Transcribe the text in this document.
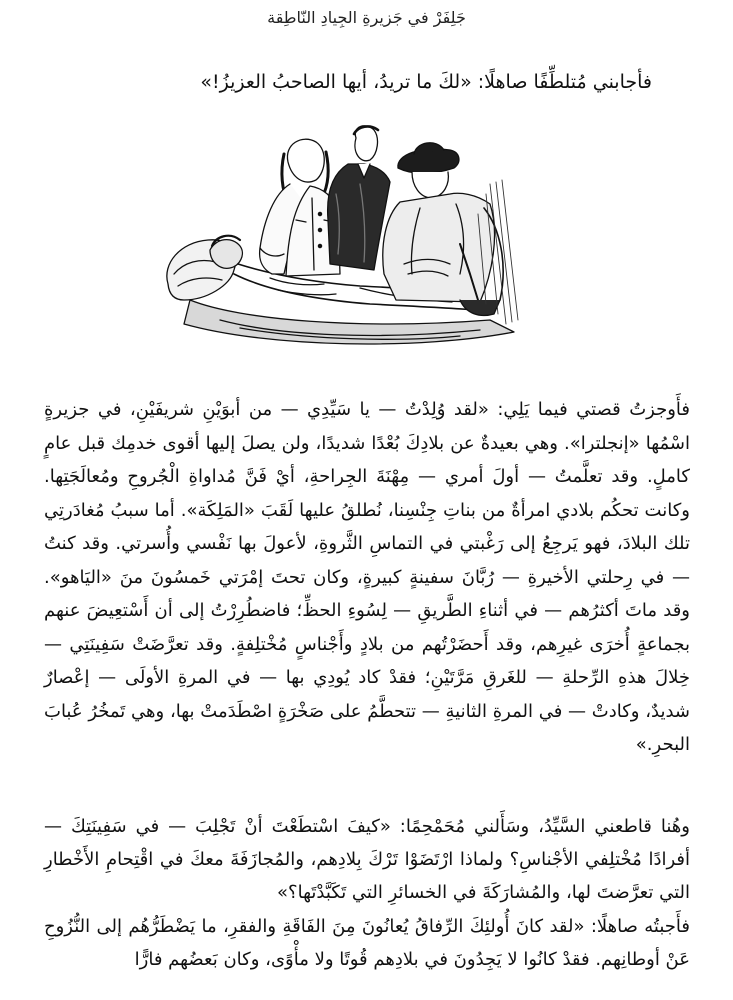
جَلِفَرْ في جَزيرةِ الجِيادِ النّاطِقة
فأجابني مُتلطِّفًا صاهلًا: «لكَ ما تريدُ، أيها الصاحبُ العزيزُ!»
فأَوجزتُ قصتي فيما يَلِي: «لقد وُلِدْتُ — يا سَيِّدِي — من أبوَيْنِ شريفَيْنِ، في جزيرةٍ اسْمُها «إنجلترا». وهي بعيدةٌ عن بلادِكَ بُعْدًا شديدًا، ولن يصلَ إليها أقوى خدمِك قبل عامٍ كاملٍ. وقد تعلَّمتُ — أولَ أمري — مِهْنَةَ الجِراحةِ، أيْ فَنَّ مُداواةِ الْجُروحِ ومُعالَجَتِها. وكانت تحكُم بلادي امرأةٌ من بناتِ جِنْسِنا، نُطلقُ عليها لَقَبَ «المَلِكَة». أما سببُ مُغادَرتِي تلك البلادَ، فهو يَرجِعُ إلى رَغْبتي في التماسِ الثَّروةِ، لأعولَ بها نَفْسي وأُسرتي. وقد كنتُ — في رِحلتي الأخيرةِ — رُبَّانَ سفينةٍ كبيرةٍ، وكان تحتَ إمْرَتي خَمسُونَ منَ «اليَاهو». وقد ماتَ أكثرُهم — في أثناءِ الطَّريقِ — لِسُوءِ الحظِّ؛ فاضطُرِرْتُ إلى أن أَسْتعِيضَ عنهم بجماعةٍ أُخرَى غيرِهم، وقد أَحضَرْتُهم من بلادٍ وأَجْناسٍ مُخْتلِفةٍ. وقد تعرَّضَتْ سَفِينَتِي — خِلالَ هذهِ الرِّحلةِ — للغَرقِ مَرَّتَيْنِ؛ فقدْ كاد يُودِي بها — في المرةِ الأولَى — إعْصارٌ شديدٌ، وكادتْ — في المرةِ الثانيةِ — تتحطَّمُ على صَخْرَةٍ اصْطَدَمتْ بها، وهي تَمخُرُ عُبابَ البحرِ.»
وهُنا قاطعني السَّيِّدُ، وسَأَلني مُحَمْحِمًا: «كيفَ اسْتطَعْتَ أنْ تَجْلِبَ — في سَفِينَتِكَ — أفرادًا مُخْتلِفي الأجْناسِ؟ ولماذا ارْتَضَوْا تَرْكَ بِلادِهم، والمُجازَفَةَ معكَ في اقْتِحامِ الأَخْطارِ التي تعرَّضتَ لها، والمُشارَكَةَ في الخسائرِ التي تَكَبَّدْتَها؟»
فأَجبتُه صاهلًا: «لقد كانَ أُولئِكَ الرِّفاقُ يُعانُونَ مِنَ الفَاقَةِ والفقرِ، ما يَضْطَرُّهُم إلى النُّزُوحِ عَنْ أوطانِهم. فقدْ كانُوا لا يَجِدُونَ في بلادِهم قُوتًا ولا مأْوًى، وكان بَعضُهم فارًّا
